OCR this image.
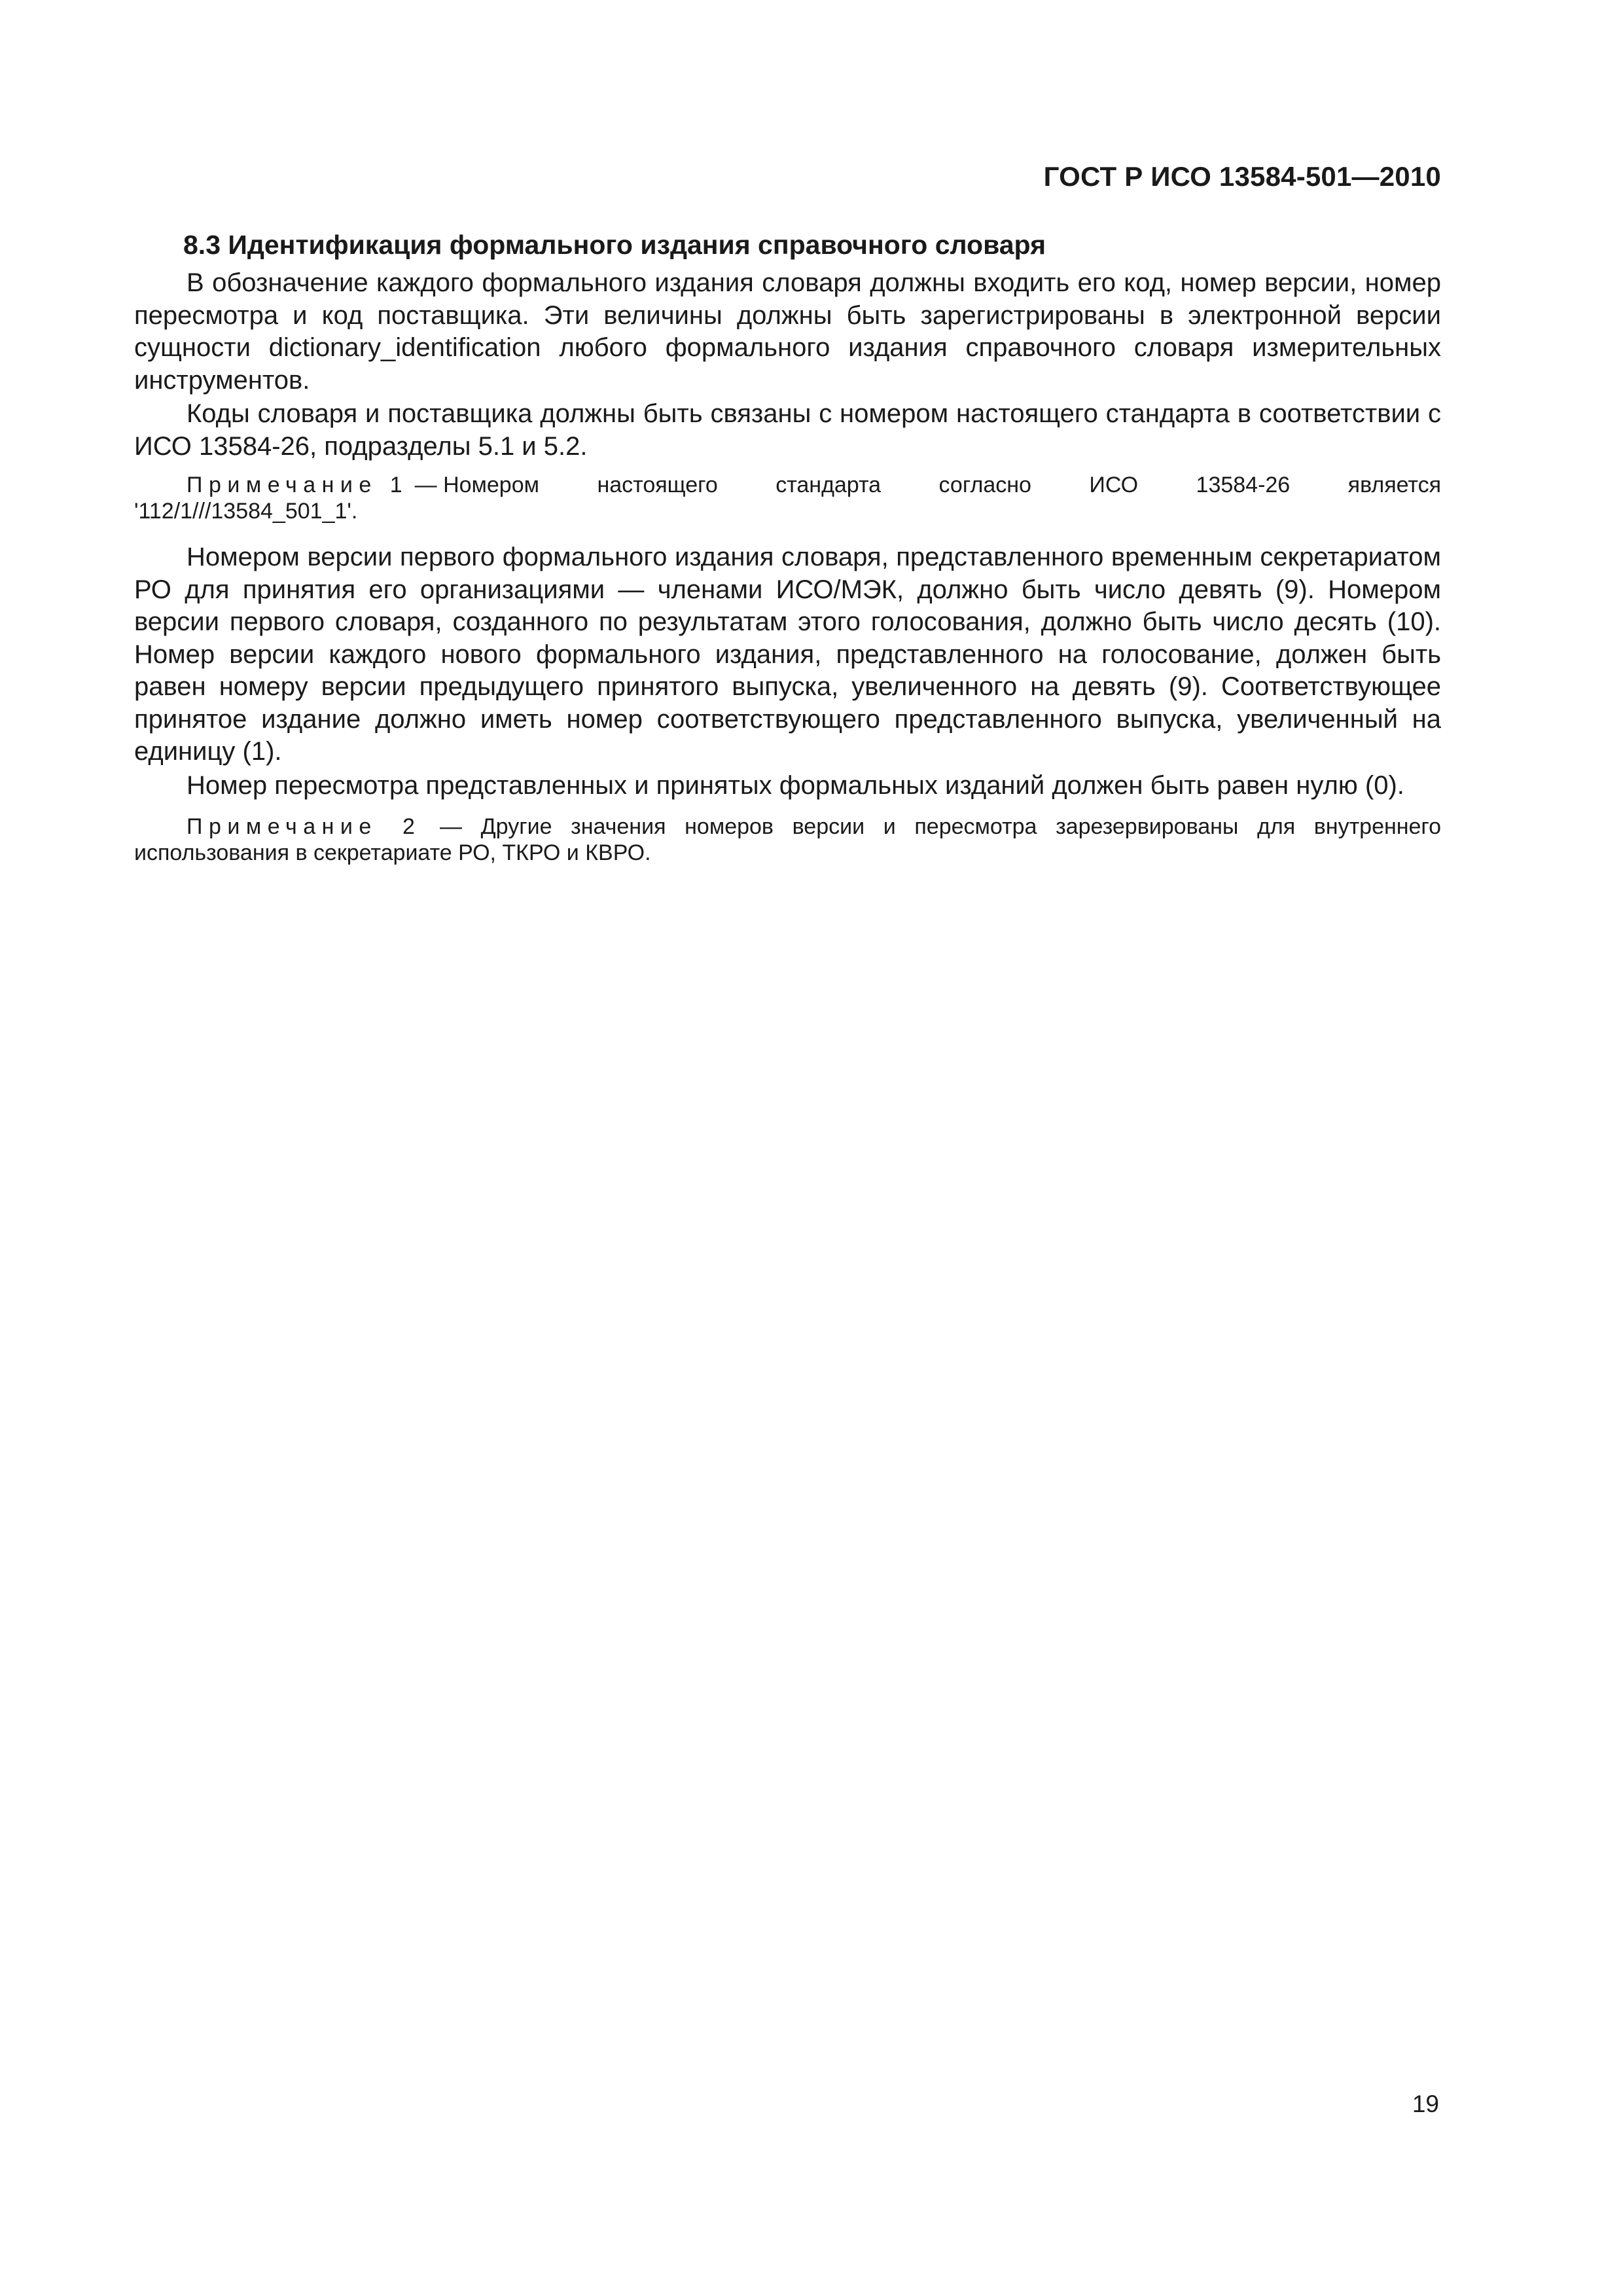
ГОСТ Р ИСО 13584-501—2010
8.3 Идентификация формального издания справочного словаря

В обозначение каждого формального издания словаря должны входить его код, номер версии, номер пересмотра и код поставщика. Эти величины должны быть зарегистрированы в электронной версии сущности dictionary_identification любого формального издания справочного словаря измерительных инструментов.

Коды словаря и поставщика должны быть связаны с номером настоящего стандарта в соответствии с ИСО 13584-26, подразделы 5.1 и 5.2.

Примечание 1 — Номером	настоящего	стандарта	согласно	ИСО	13584-26	является
'112/1///13584_501_1'.

Номером версии первого формального издания словаря, представленного временным секретариатом РО для принятия его организациями — членами ИСО/МЭК, должно быть число девять (9). Номером версии первого словаря, созданного по результатам этого голосования, должно быть число десять (10). Номер версии каждого нового формального издания, представленного на голосование, должен быть равен номеру версии предыдущего принятого выпуска, увеличенного на девять (9). Соответствующее принятое издание должно иметь номер соответствующего представленного выпуска, увеличенный на единицу (1).

Номер пересмотра представленных и принятых формальных изданий должен быть равен нулю (0).

Примечание 2 — Другие значения номеров версии и пересмотра зарезервированы для внутреннего использования в секретариате РО, ТКРО и КВРО.

19
